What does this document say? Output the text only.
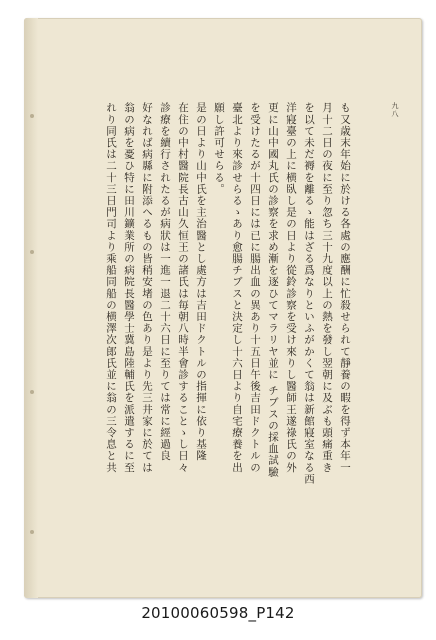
九八
も又歳末年始に於ける各處の應酬に忙殺せられて靜養の暇を得ず本年一
月十二日の夜に至り忽ち三十九度以上の熱を發し翌朝に及ぶも頭痛重き
を以て未だ褥を離るゝ能はざる爲なりといふがかくて翁は新館寢室なる西
洋寢臺の上に横臥し是の日より從鈴診察を受け來りし醫師王遂祿氏の外
更に山中國丸氏の診察を求め漸を逐ひてマラリヤ並に チブスの採血試驗
を受けたるが十四日には已に腸出血の異あり十五日午後吉田ドクトルの
臺北より來診せらるゝあり愈腸チブスと決定し十六日より自宅療養を出
願し許可せらる。
是の日より山中氏を主治醫とし處方は吉田ドクトルの指揮に依り基隆
在住の中村醫院長古山久恒王の諸氏は毎朝八時半會診することゝし日々
診療を續行されたるが病狀は一進一退二十六日に至りては常に經過良
好なれば病縣に附添へるもの皆稍安堵の色あり是より先三井家に於ては
翁の病を憂ひ特に田川鑛業所の病院長醫學士冀島陸輔氏を派遣するに至
れり同氏は二十三日門司より乘船同船の横澤次郎氏並に翁の三令息と共
20100060598_P142
